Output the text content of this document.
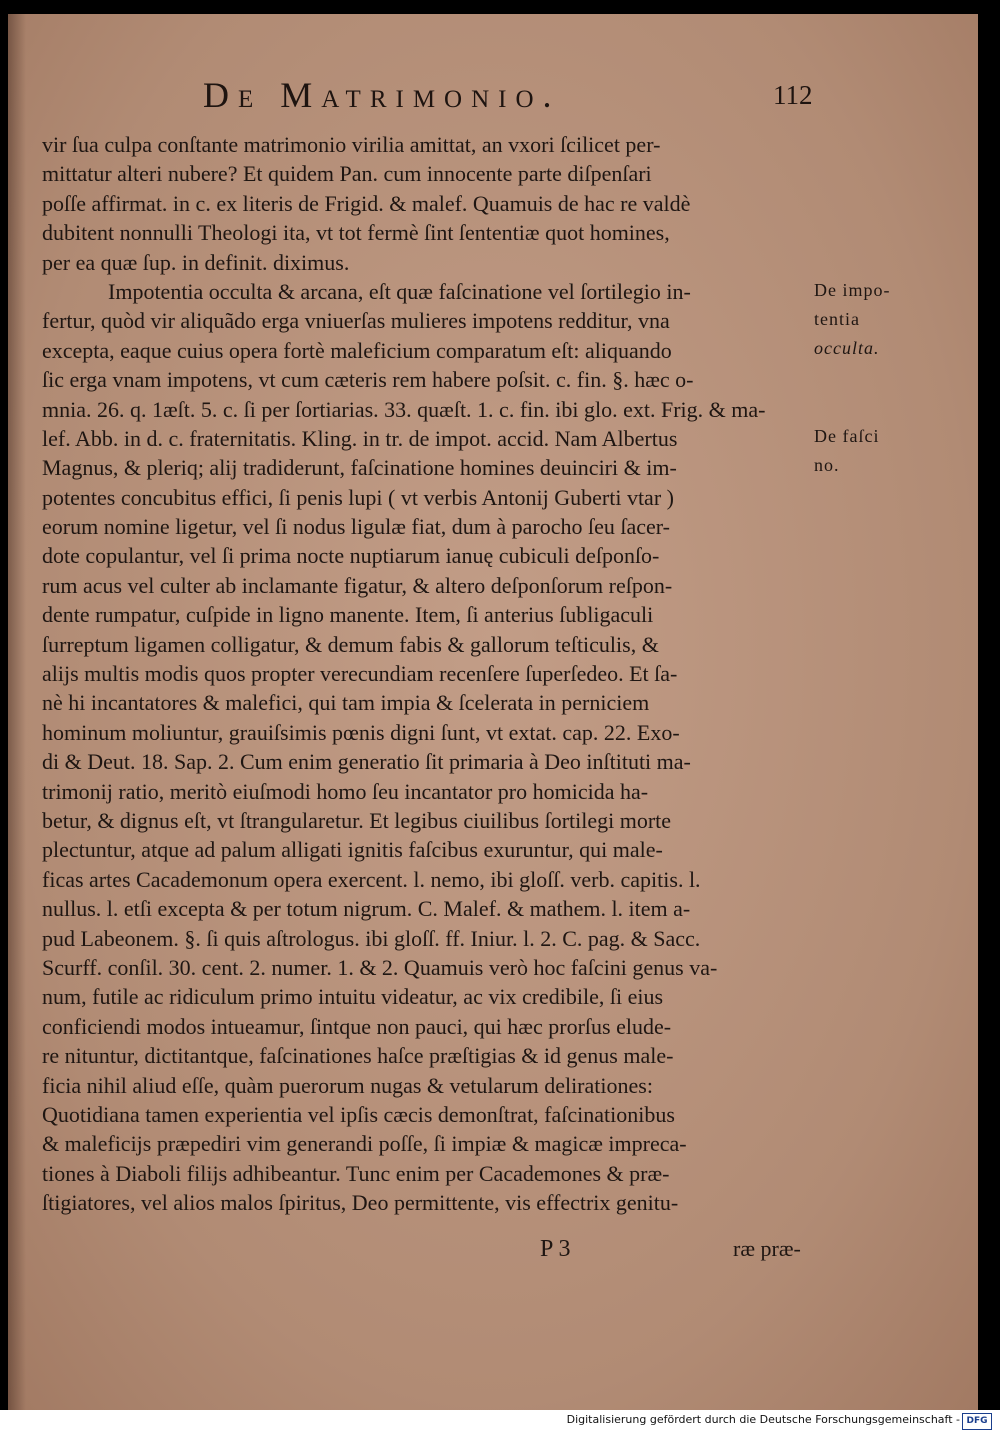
De Matrimonio.	112
vir ſua culpa conſtante matrimonio virilia amittat, an vxori ſcilicet per-
mittatur alteri nubere? Et quidem Pan. cum innocente parte diſpenſari
poſſe affirmat. in c. ex literis de Frigid. & malef. Quamuis de hac re valdè
dubitent nonnulli Theologi ita, vt tot fermè ſint ſententiæ quot homines,
per ea quæ ſup. in definit. diximus.
Impotentia occulta & arcana, eſt quæ faſcinatione vel ſortilegio in-
fertur, quòd vir aliquãdo erga vniuerſas mulieres impotens redditur, vna
excepta, eaque cuius opera fortè maleficium comparatum eſt: aliquando
ſic erga vnam impotens, vt cum cæteris rem habere poſsit. c. fin. §. hæc o-
mnia. 26. q. 1æſt. 5. c. ſi per ſortiarias. 33. quæſt. 1. c. fin. ibi glo. ext. Frig. & ma-
lef. Abb. in d. c. fraternitatis. Kling. in tr. de impot. accid. Nam Albertus
Magnus, & pleriq; alij tradiderunt, faſcinatione homines deuinciri & im-
potentes concubitus effici, ſi penis lupi ( vt verbis Antonij Guberti vtar )
eorum nomine ligetur, vel ſi nodus ligulæ fiat, dum à parocho ſeu ſacer-
dote copulantur, vel ſi prima nocte nuptiarum ianuę cubiculi deſponſo-
rum acus vel culter ab inclamante figatur, & altero deſponſorum reſpon-
dente rumpatur, cuſpide in ligno manente. Item, ſi anterius ſubligaculi
ſurreptum ligamen colligatur, & demum fabis & gallorum teſticulis, &
alijs multis modis quos propter verecundiam recenſere ſuperſedeo. Et ſa-
nè hi incantatores & malefici, qui tam impia & ſcelerata in perniciem
hominum moliuntur, grauiſsimis pœnis digni ſunt, vt extat. cap. 22. Exo-
di & Deut. 18. Sap. 2. Cum enim generatio ſit primaria à Deo inſtituti ma-
trimonij ratio, meritò eiuſmodi homo ſeu incantator pro homicida ha-
betur, & dignus eſt, vt ſtrangularetur. Et legibus ciuilibus ſortilegi morte
plectuntur, atque ad palum alligati ignitis faſcibus exuruntur, qui male-
ficas artes Cacademonum opera exercent. l. nemo, ibi gloſſ. verb. capitis. l.
nullus. l. etſi excepta & per totum nigrum. C. Malef. & mathem. l. item a-
pud Labeonem. §. ſi quis aſtrologus. ibi gloſſ. ff. Iniur. l. 2. C. pag. & Sacc.
Scurff. conſil. 30. cent. 2. numer. 1. & 2. Quamuis verò hoc faſcini genus va-
num, futile ac ridiculum primo intuitu videatur, ac vix credibile, ſi eius
conficiendi modos intueamur, ſintque non pauci, qui hæc prorſus elude-
re nituntur, dictitantque, faſcinationes haſce præſtigias & id genus male-
ficia nihil aliud eſſe, quàm puerorum nugas & vetularum delirationes:
Quotidiana tamen experientia vel ipſis cæcis demonſtrat, faſcinationibus
& maleficijs præpediri vim generandi poſſe, ſi impiæ & magicæ impreca-
tiones à Diaboli filijs adhibeantur. Tunc enim per Cacademones & præ-
ſtigiatores, vel alios malos ſpiritus, Deo permittente, vis effectrix genitu-
De impo-
tentia
occulta.
De faſci
no.
P 3	ræ præ-
Digitalisierung gefördert durch die Deutsche Forschungsgemeinschaft - DFG
